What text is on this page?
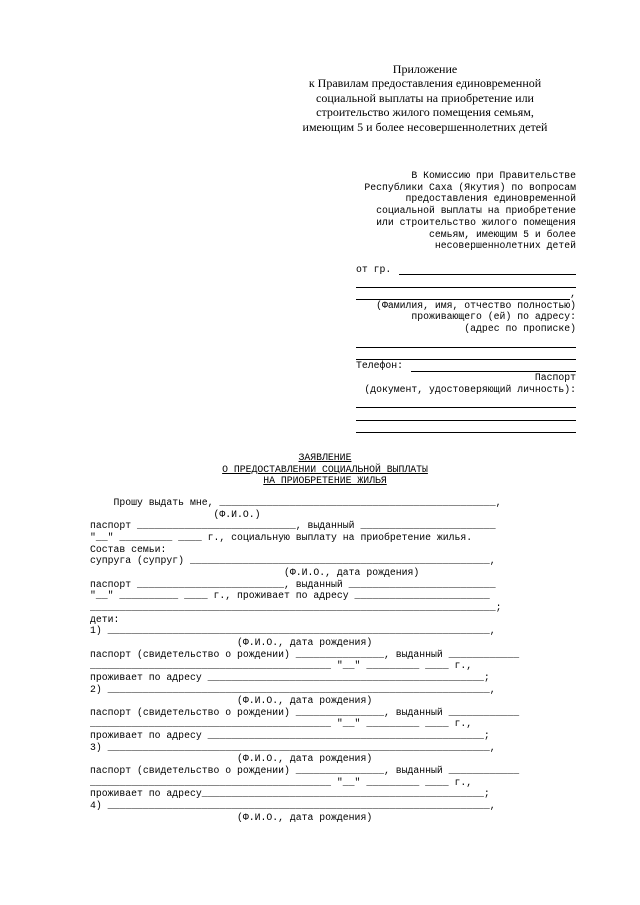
Приложение
к Правилам предоставления единовременной
социальной выплаты на приобретение или
строительство жилого помещения семьям,
имеющим 5 и более несовершеннолетних детей
В Комиссию при Правительстве
Республики Саха (Якутия) по вопросам
предоставления единовременной
социальной выплаты на приобретение
или строительство жилого помещения
семьям, имеющим 5 и более
несовершеннолетних детей
от гр.
,
(Фамилия, имя, отчество полностью)
проживающего (ей) по адресу:
(адрес по прописке)
Телефон:
Паспорт
(документ, удостоверяющий личность):
ЗАЯВЛЕНИЕ
О ПРЕДОСТАВЛЕНИИ СОЦИАЛЬНОЙ ВЫПЛАТЫ
НА ПРИОБРЕТЕНИЕ ЖИЛЬЯ
Прошу выдать мне, _______________________________________________,
(Ф.И.О.)
паспорт ___________________________, выданный _______________________
"__" _________ ____ г., социальную выплату на приобретение жилья.
Состав семьи:
супруга (супруг) ___________________________________________________,
(Ф.И.О., дата рождения)
паспорт _________________________, выданный _________________________
"__" __________ ____ г., проживает по адресу _______________________
_____________________________________________________________________;
дети:
1) _________________________________________________________________,
(Ф.И.О., дата рождения)
паспорт (свидетельство о рождении) _______________, выданный ____________
_________________________________________ "__" _________ ____ г.,
проживает по адресу _______________________________________________;
2) _________________________________________________________________,
(Ф.И.О., дата рождения)
паспорт (свидетельство о рождении) _______________, выданный ____________
_________________________________________ "__" _________ ____ г.,
проживает по адресу _______________________________________________;
3) _________________________________________________________________,
(Ф.И.О., дата рождения)
паспорт (свидетельство о рождении) _______________, выданный ____________
_________________________________________ "__" _________ ____ г.,
проживает по адресу________________________________________________;
4) _________________________________________________________________,
(Ф.И.О., дата рождения)
